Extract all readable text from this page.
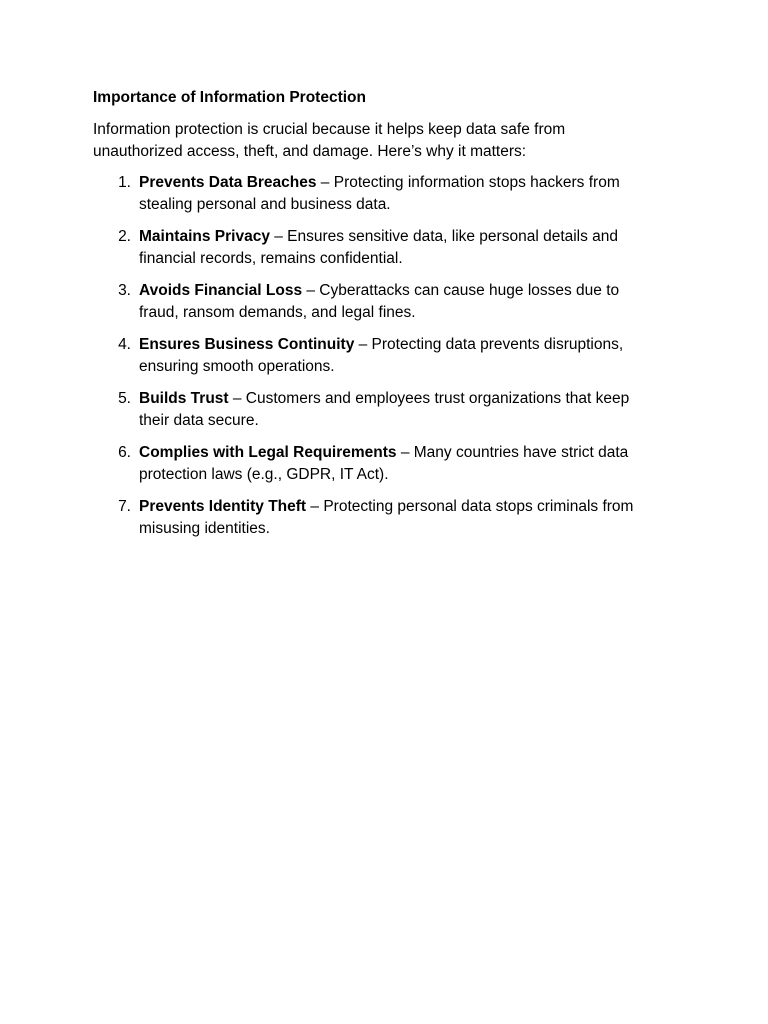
Importance of Information Protection
Information protection is crucial because it helps keep data safe from unauthorized access, theft, and damage. Here’s why it matters:
1. Prevents Data Breaches – Protecting information stops hackers from stealing personal and business data.
2. Maintains Privacy – Ensures sensitive data, like personal details and financial records, remains confidential.
3. Avoids Financial Loss – Cyberattacks can cause huge losses due to fraud, ransom demands, and legal fines.
4. Ensures Business Continuity – Protecting data prevents disruptions, ensuring smooth operations.
5. Builds Trust – Customers and employees trust organizations that keep their data secure.
6. Complies with Legal Requirements – Many countries have strict data protection laws (e.g., GDPR, IT Act).
7. Prevents Identity Theft – Protecting personal data stops criminals from misusing identities.
